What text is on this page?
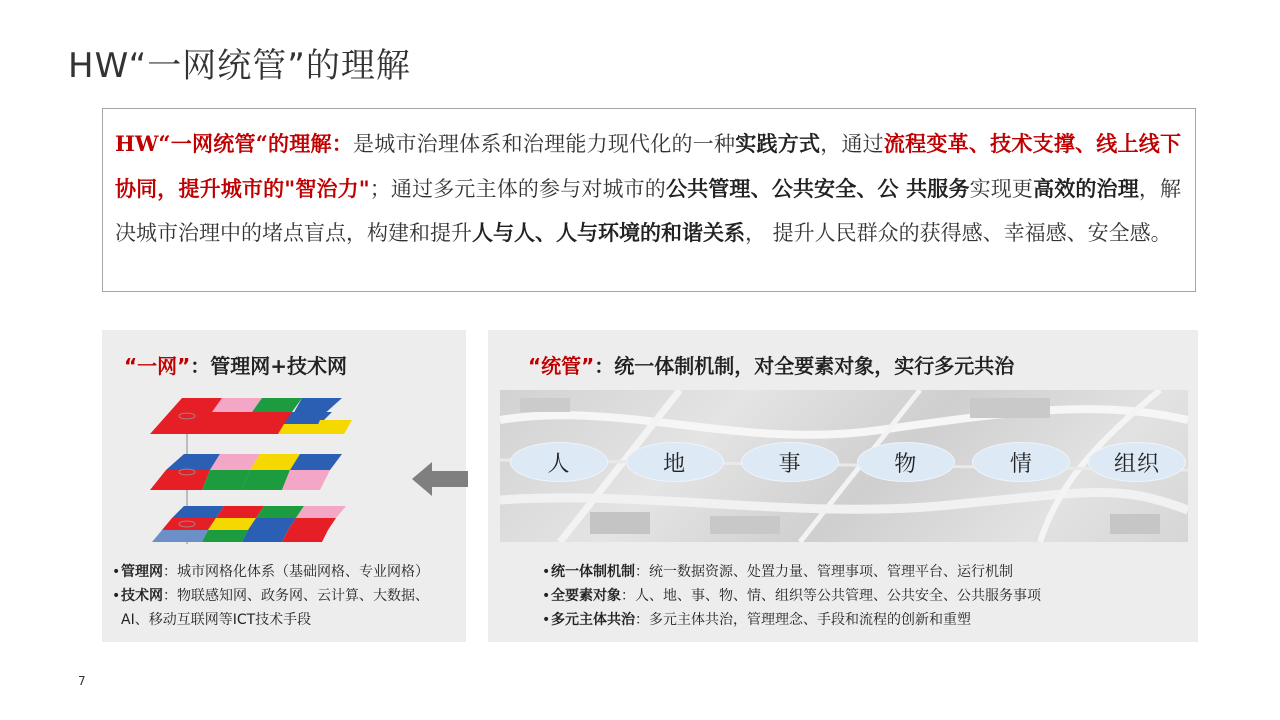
HW“一网统管”的理解

HW“一网统管“的理解：是城市治理体系和治理能力现代化的一种实践方式，通过流程变革、技术支撑、线上线下协同，提升城市的"智治力"；通过多元主体的参与对城市的公共管理、公共安全、公 共服务实现更高效的治理，解决城市治理中的堵点盲点，构建和提升人与人、人与环境的和谐关系， 提升人民群众的获得感、幸福感、安全感。

“一网”：管理网+技术网
• 管理网：城市网格化体系（基础网格、专业网格）
• 技术网：物联感知网、政务网、云计算、大数据、
AI、移动互联网等ICT技术手段
“统管”：统一体制机制，对全要素对象，实行多元共治
人	地	事	物	情	组织
• 统一体制机制：统一数据资源、处置力量、管理事项、管理平台、运行机制
• 全要素对象：人、地、事、物、情、组织等公共管理、公共安全、公共服务事项
• 多元主体共治：多元主体共治，管理理念、手段和流程的创新和重塑
7
